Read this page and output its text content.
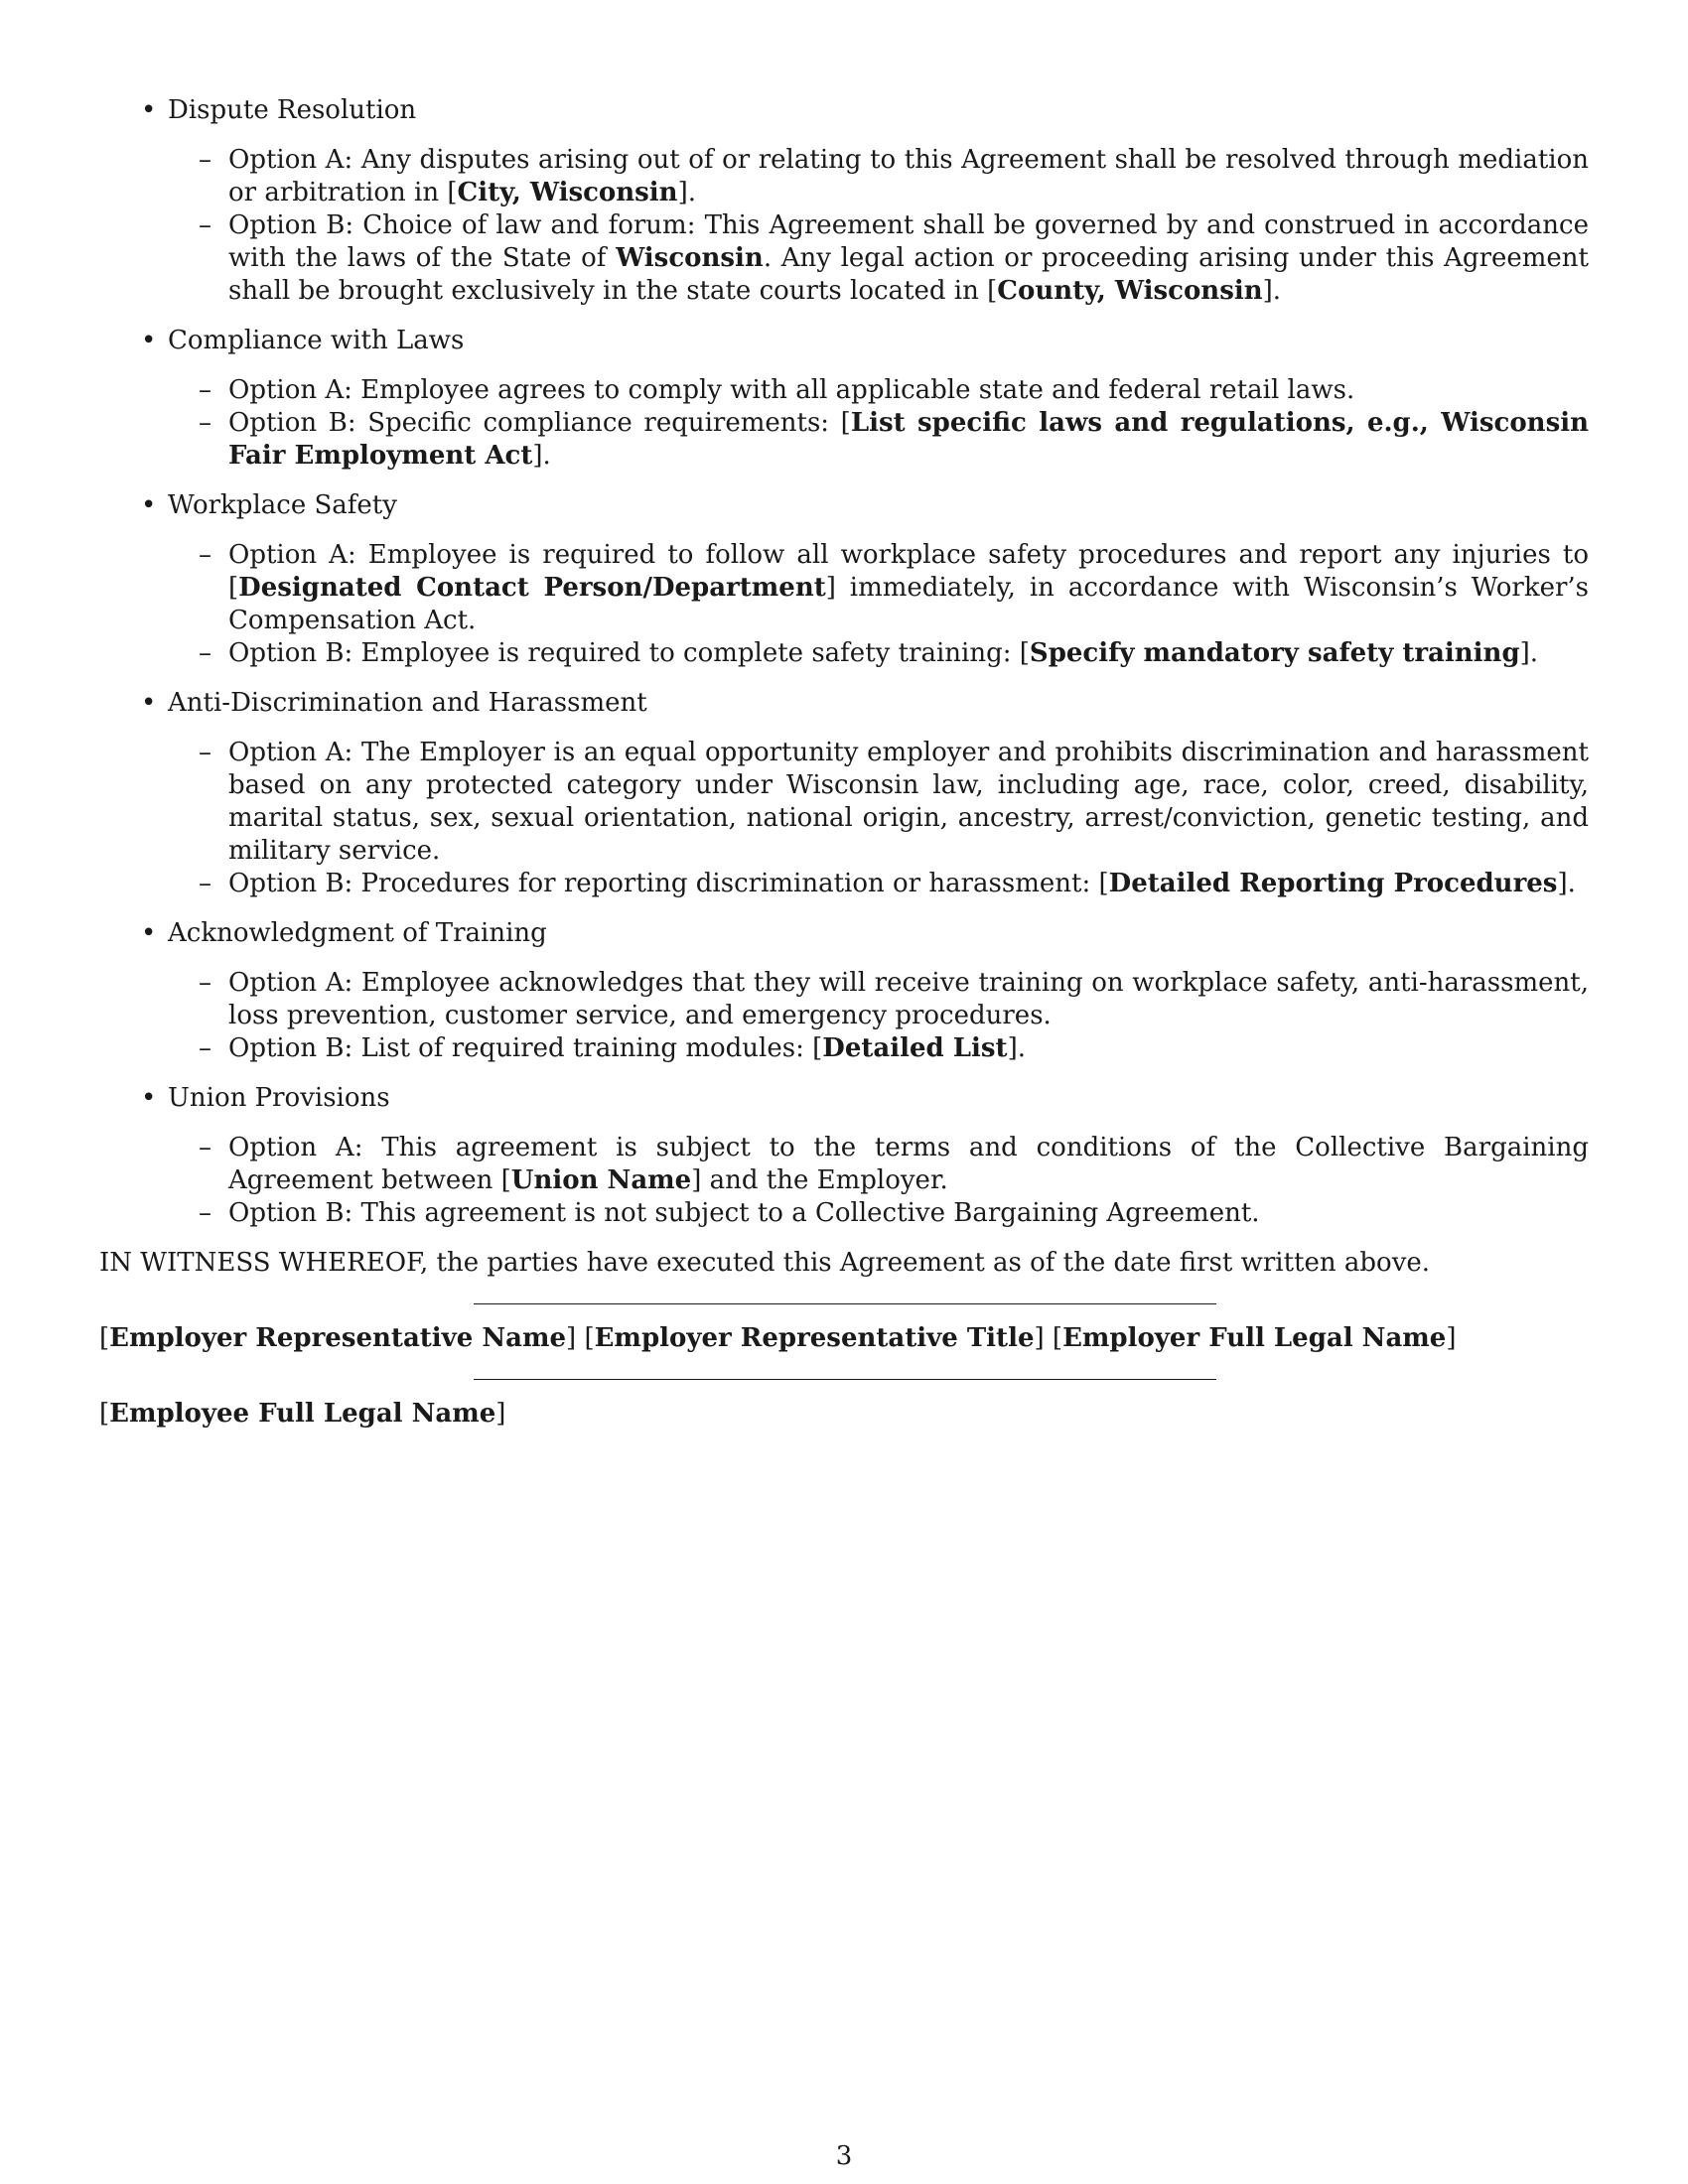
• Dispute Resolution
– Option A: Any disputes arising out of or relating to this Agreement shall be resolved through mediation or arbitration in [City, Wisconsin].
– Option B: Choice of law and forum: This Agreement shall be governed by and construed in accordance with the laws of the State of Wisconsin. Any legal action or proceeding arising under this Agreement shall be brought exclusively in the state courts located in [County, Wisconsin].
• Compliance with Laws
– Option A: Employee agrees to comply with all applicable state and federal retail laws.
– Option B: Specific compliance requirements: [List specific laws and regulations, e.g., Wisconsin Fair Employment Act].
• Workplace Safety
– Option A: Employee is required to follow all workplace safety procedures and report any injuries to [Designated Contact Person/Department] immediately, in accordance with Wisconsin’s Worker’s Compensation Act.
– Option B: Employee is required to complete safety training: [Specify mandatory safety training].
• Anti-Discrimination and Harassment
– Option A: The Employer is an equal opportunity employer and prohibits discrimination and harassment based on any protected category under Wisconsin law, including age, race, color, creed, disability, marital status, sex, sexual orientation, national origin, ancestry, arrest/conviction, genetic testing, and military service.
– Option B: Procedures for reporting discrimination or harassment: [Detailed Reporting Procedures].
• Acknowledgment of Training
– Option A: Employee acknowledges that they will receive training on workplace safety, anti-harassment, loss prevention, customer service, and emergency procedures.
– Option B: List of required training modules: [Detailed List].
• Union Provisions
– Option A: This agreement is subject to the terms and conditions of the Collective Bargaining Agreement between [Union Name] and the Employer.
– Option B: This agreement is not subject to a Collective Bargaining Agreement.

IN WITNESS WHEREOF, the parties have executed this Agreement as of the date first written above.

[Employer Representative Name] [Employer Representative Title] [Employer Full Legal Name]
[Employee Full Legal Name]
3
